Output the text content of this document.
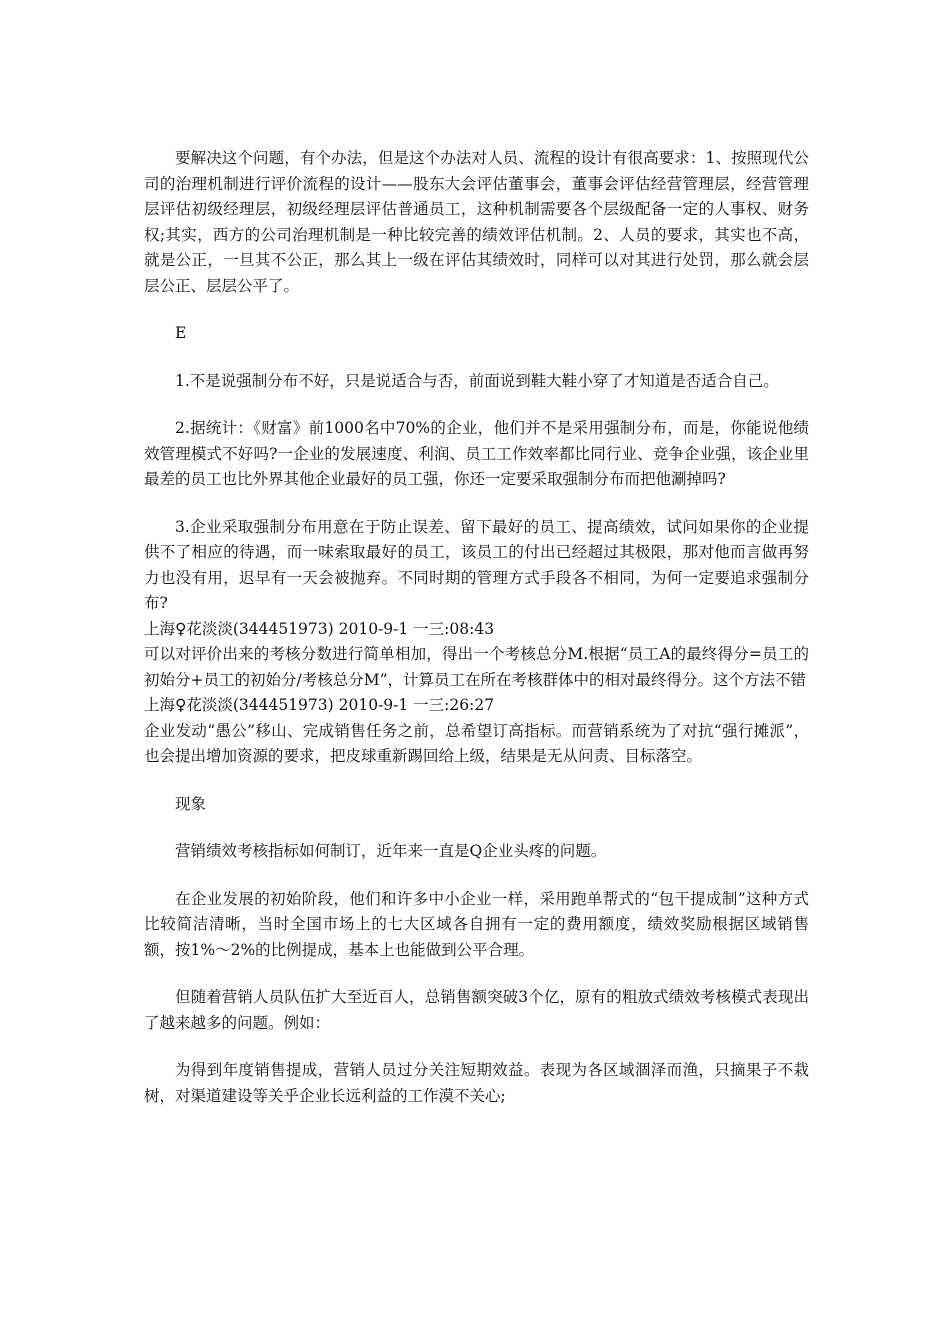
要解决这个问题，有个办法，但是这个办法对人员、流程的设计有很高要求：1、按照现代公司的治理机制进行评价流程的设计——股东大会评估董事会，董事会评估经营管理层，经营管理层评估初级经理层，初级经理层评估普通员工，这种机制需要各个层级配备一定的人事权、财务权;其实，西方的公司治理机制是一种比较完善的绩效评估机制。2、人员的要求，其实也不高，就是公正，一旦其不公正，那么其上一级在评估其绩效时，同样可以对其进行处罚，那么就会层层公正、层层公平了。

E

1.不是说强制分布不好，只是说适合与否，前面说到鞋大鞋小穿了才知道是否适合自己。

2.据统计：《财富》前1000名中70%的企业，他们并不是采用强制分布，而是，你能说他绩效管理模式不好吗?一企业的发展速度、利润、员工工作效率都比同行业、竞争企业强，该企业里最差的员工也比外界其他企业最好的员工强，你还一定要采取强制分布而把他涮掉吗?

3.企业采取强制分布用意在于防止误差、留下最好的员工、提高绩效，试问如果你的企业提供不了相应的待遇，而一味索取最好的员工，该员工的付出已经超过其极限，那对他而言做再努力也没有用，迟早有一天会被抛弃。不同时期的管理方式手段各不相同，为何一定要追求强制分布?

上海♀花淡淡(344451973) 2010-9-1 一三:08:43

可以对评价出来的考核分数进行简单相加，得出一个考核总分M.根据“员工A的最终得分=员工的初始分+员工的初始分/考核总分M”，计算员工在所在考核群体中的相对最终得分。这个方法不错

上海♀花淡淡(344451973) 2010-9-1 一三:26:27

企业发动“愚公”移山、完成销售任务之前，总希望订高指标。而营销系统为了对抗“强行摊派”，也会提出增加资源的要求，把皮球重新踢回给上级，结果是无从问责、目标落空。

现象

营销绩效考核指标如何制订，近年来一直是Q企业头疼的问题。

在企业发展的初始阶段，他们和许多中小企业一样，采用跑单帮式的“包干提成制”这种方式比较简洁清晰，当时全国市场上的七大区域各自拥有一定的费用额度，绩效奖励根据区域销售额，按1%～2%的比例提成，基本上也能做到公平合理。

但随着营销人员队伍扩大至近百人，总销售额突破3个亿，原有的粗放式绩效考核模式表现出了越来越多的问题。例如：

为得到年度销售提成，营销人员过分关注短期效益。表现为各区域涸泽而渔，只摘果子不栽树，对渠道建设等关乎企业长远利益的工作漠不关心;
